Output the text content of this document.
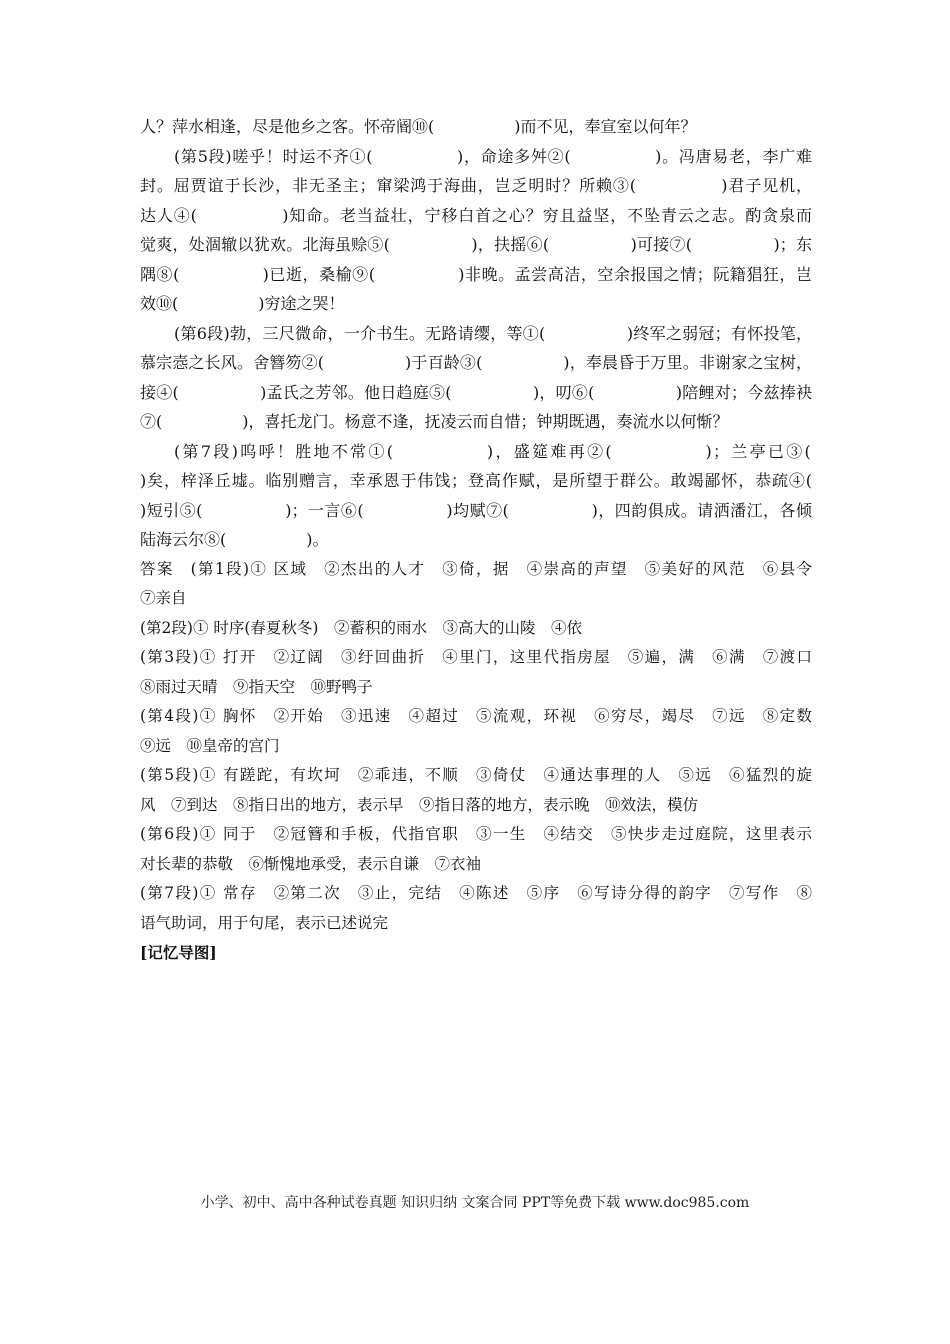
人？萍水相逢，尽是他乡之客。怀帝阍⑩(　　　　　)而不见，奉宣室以何年？
(第5段)嗟乎！时运不齐①(　　　　　)，命途多舛②(　　　　　)。冯唐易老，李广难
封。屈贾谊于长沙，非无圣主；窜梁鸿于海曲，岂乏明时？所赖③(　　　　　)君子见机，
达人④(　　　　　)知命。老当益壮，宁移白首之心？穷且益坚，不坠青云之志。酌贪泉而
觉爽，处涸辙以犹欢。北海虽赊⑤(　　　　　)，扶摇⑥(　　　　　)可接⑦(　　　　　)；东
隅⑧(　　　　　)已逝，桑榆⑨(　　　　　)非晚。孟尝高洁，空余报国之情；阮籍猖狂，岂
效⑩(　　　　　)穷途之哭！
(第6段)勃，三尺微命，一介书生。无路请缨，等①(　　　　　)终军之弱冠；有怀投笔，
慕宗悫之长风。舍簪笏②(　　　　　)于百龄③(　　　　　)，奉晨昏于万里。非谢家之宝树，
接④(　　　　　)孟氏之芳邻。他日趋庭⑤(　　　　　)，叨⑥(　　　　　)陪鲤对；今兹捧袂
⑦(　　　　　)，喜托龙门。杨意不逢，抚凌云而自惜；钟期既遇，奏流水以何惭？
(第7段)呜呼！胜地不常①(　　　　　)，盛筵难再②(　　　　　)；兰亭已③(
)矣，梓泽丘墟。临别赠言，幸承恩于伟饯；登高作赋，是所望于群公。敢竭鄙怀，恭疏④(
)短引⑤(　　　　　)；一言⑥(　　　　　)均赋⑦(　　　　　)，四韵俱成。请洒潘江，各倾
陆海云尔⑧(　　　　　)。
答案　(第1段)① 区域　②杰出的人才　③倚，据　④崇高的声望　⑤美好的风范　⑥县令
⑦亲自
(第2段)① 时序(春夏秋冬)　②蓄积的雨水　③高大的山陵　④依
(第3段)① 打开　②辽阔　③纡回曲折　④里门，这里代指房屋　⑤遍，满　⑥满　⑦渡口
⑧雨过天晴　⑨指天空　⑩野鸭子
(第4段)① 胸怀　②开始　③迅速　④超过　⑤流观，环视　⑥穷尽，竭尽　⑦远　⑧定数
⑨远　⑩皇帝的宫门
(第5段)① 有蹉跎，有坎坷　②乖违，不顺　③倚仗　④通达事理的人　⑤远　⑥猛烈的旋
风　⑦到达　⑧指日出的地方，表示早　⑨指日落的地方，表示晚　⑩效法，模仿
(第6段)① 同于　②冠簪和手板，代指官职　③一生　④结交　⑤快步走过庭院，这里表示
对长辈的恭敬　⑥惭愧地承受，表示自谦　⑦衣袖
(第7段)① 常存　②第二次　③止，完结　④陈述　⑤序　⑥写诗分得的韵字　⑦写作　⑧
语气助词，用于句尾，表示已述说完
[记忆导图]
小学、初中、高中各种试卷真题 知识归纳 文案合同 PPT等免费下载 www.doc985.com
